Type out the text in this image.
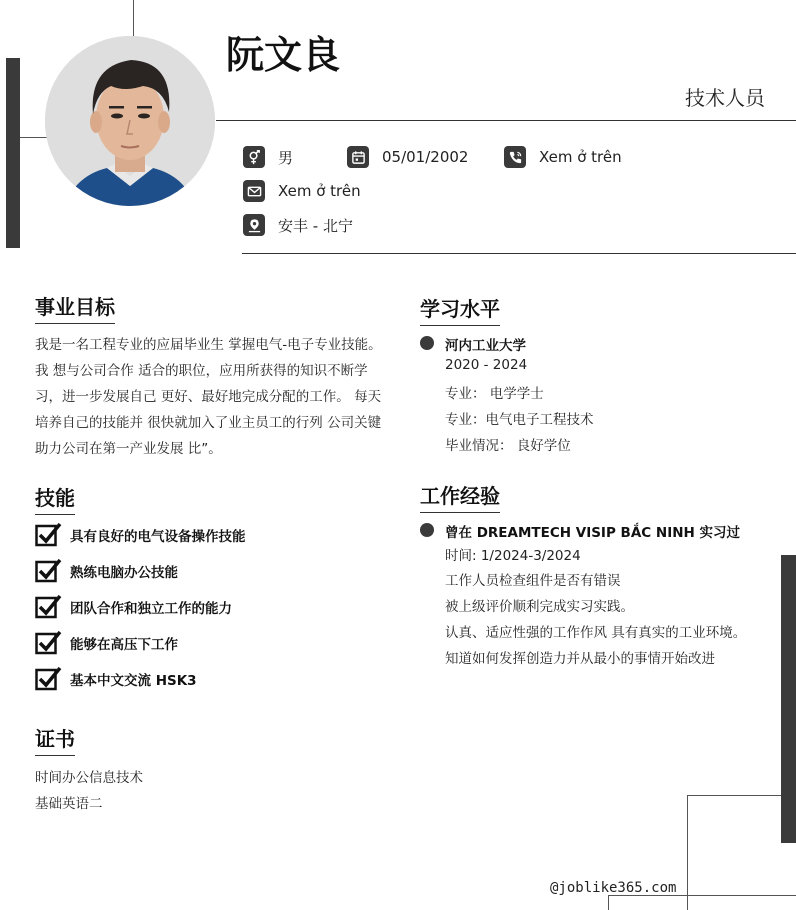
阮文良
技术人员
男	05/01/2002	Xem ở trên
Xem ở trên
安丰 - 北宁
事业目标
我是一名工程专业的应届毕业生 掌握电气-电子专业技能。我 想与公司合作 适合的职位，应用所获得的知识不断学习，进一步发展自己 更好、最好地完成分配的工作。 每天培养自己的技能并 很快就加入了业主员工的行列 公司关键助力公司在第一产业发展 比”。
技能
具有良好的电气设备操作技能
熟练电脑办公技能
团队合作和独立工作的能力
能够在高压下工作
基本中文交流 HSK3
证书
时间办公信息技术
基础英语二
学习水平
河内工业大学
2020 - 2024
专业： 电学学士
专业：电气电子工程技术
毕业情况： 良好学位
工作经验
曾在 DREAMTECH VISIP BẮC NINH 实习过
时间: 1/2024-3/2024
工作人员检查组件是否有错误
被上级评价顺利完成实习实践。
认真、适应性强的工作作风 具有真实的工业环境。
知道如何发挥创造力并从最小的事情开始改进
@joblike365.com
